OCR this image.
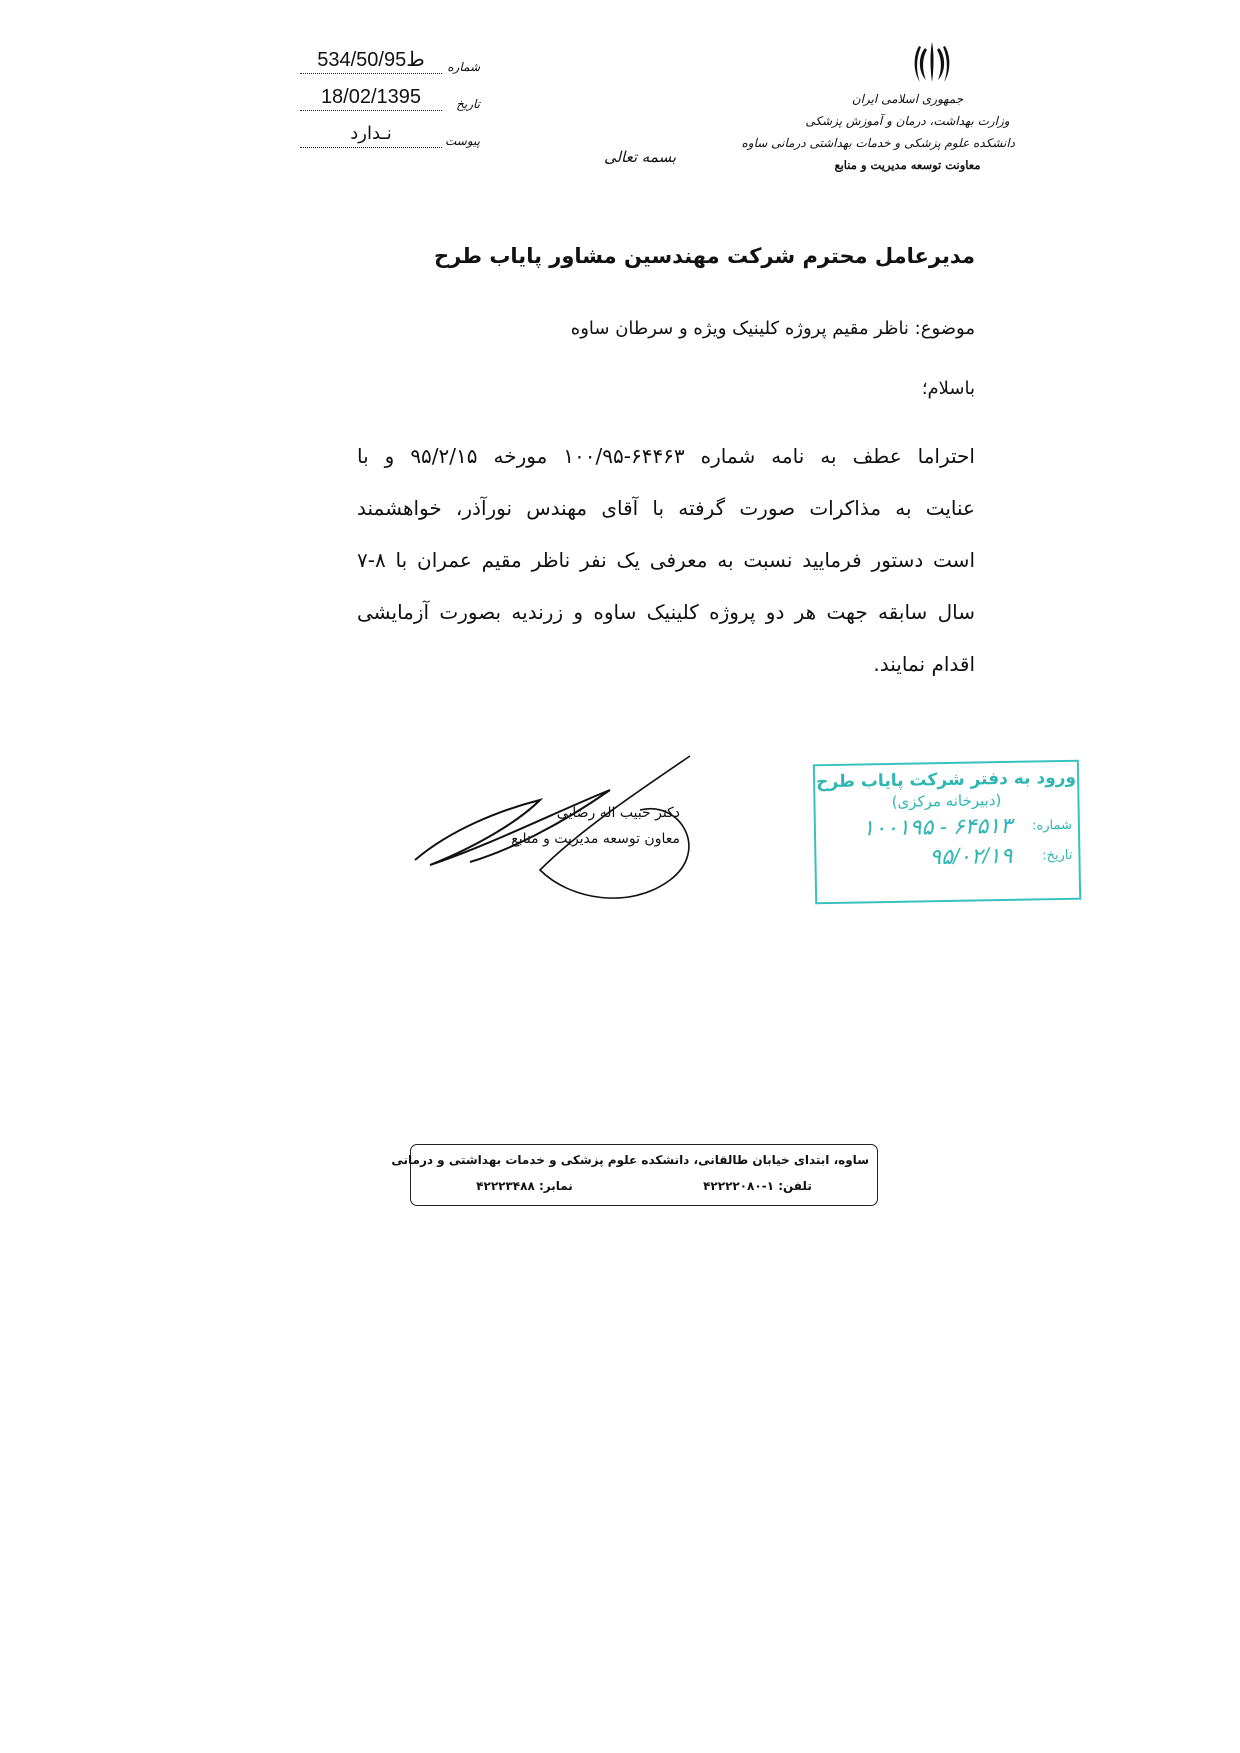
شماره
534/50/ط95
تاریخ
18/02/1395
پیوست
نـدارد
جمهوری اسلامی ایران
وزارت بهداشت، درمان و آموزش پزشکی
دانشکده علوم پزشکی و خدمات بهداشتی درمانی ساوه
معاونت توسعه مدیریت و منابع
بسمه تعالی
مدیرعامل محترم شرکت مهندسین مشاور پایاب طرح
موضوع: ناظر مقیم پروژه کلینیک ویژه و سرطان ساوه
باسلام؛
احتراما عطف به نامه شماره ۶۴۴۶۳-۱۰۰/۹۵ مورخه ۹۵/۲/۱۵ و با
عنایت به مذاکرات صورت گرفته با آقای مهندس نورآذر، خواهشمند
است دستور فرمایید نسبت به معرفی یک نفر ناظر مقیم عمران با ۸-۷
سال سابقه جهت هر دو پروژه کلینیک ساوه و زرندیه بصورت آزمایشی
اقدام نمایند.
دکتر حبیب اله رضایی
معاون توسعه مدیریت و منابع
ورود به دفتر شرکت پایاب طرح
(دبیرخانه مرکزی)
شماره:
۱۰۰۱۹۵ - ۶۴۵۱۳
تاریخ:
۹۵/۰۲/۱۹
ساوه، ابتدای خیابان طالقانی، دانشکده علوم پزشکی و خدمات بهداشتی و درمانی
تلفن: ۱-۴۲۲۲۲۰۸۰
نمابر: ۴۲۲۲۳۴۸۸
